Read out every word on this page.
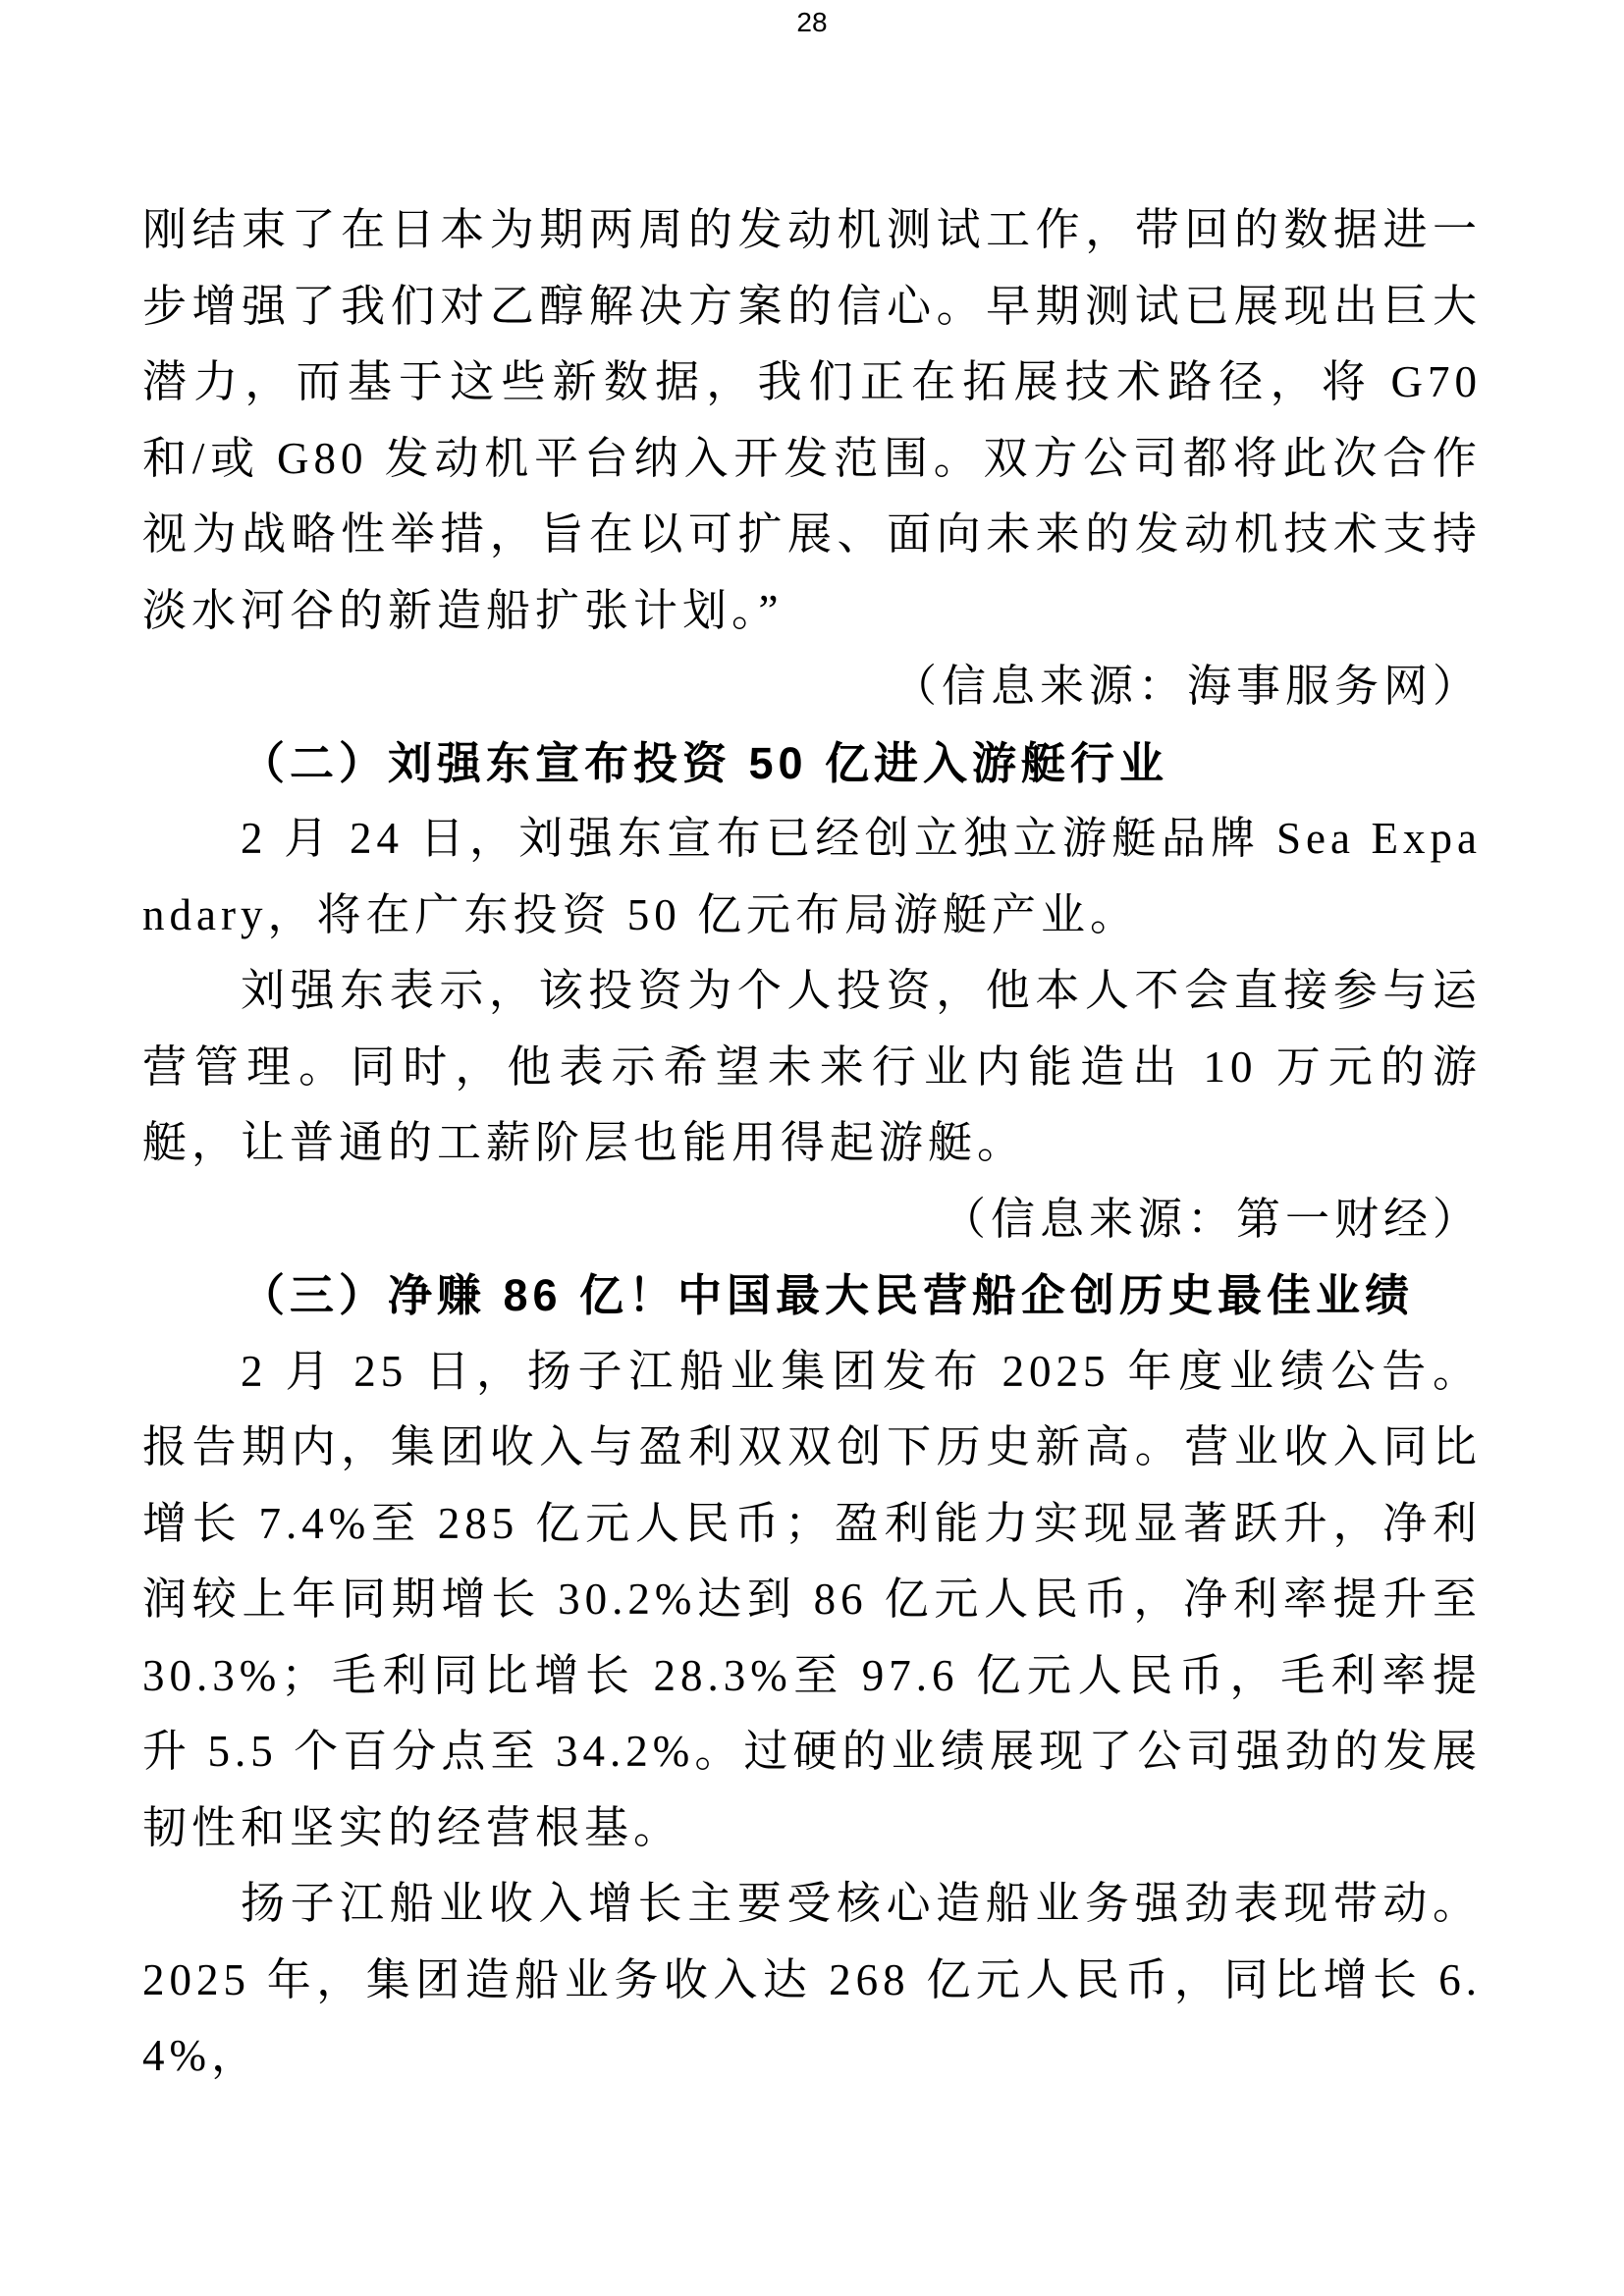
28

刚结束了在日本为期两周的发动机测试工作，带回的数据进一步增强了我们对乙醇解决方案的信心。早期测试已展现出巨大潜力，而基于这些新数据，我们正在拓展技术路径，将 G70 和/或 G80 发动机平台纳入开发范围。双方公司都将此次合作视为战略性举措，旨在以可扩展、面向未来的发动机技术支持淡水河谷的新造船扩张计划。”

（信息来源：海事服务网）

（二）刘强东宣布投资 50 亿进入游艇行业

2 月 24 日，刘强东宣布已经创立独立游艇品牌 Sea Expandary，将在广东投资 50 亿元布局游艇产业。

刘强东表示，该投资为个人投资，他本人不会直接参与运营管理。同时，他表示希望未来行业内能造出 10 万元的游艇，让普通的工薪阶层也能用得起游艇。

（信息来源：第一财经）

（三）净赚 86 亿！中国最大民营船企创历史最佳业绩

2 月 25 日，扬子江船业集团发布 2025 年度业绩公告。报告期内，集团收入与盈利双双创下历史新高。营业收入同比增长 7.4%至 285 亿元人民币；盈利能力实现显著跃升，净利润较上年同期增长 30.2%达到 86 亿元人民币，净利率提升至 30.3%；毛利同比增长 28.3%至 97.6 亿元人民币，毛利率提升 5.5 个百分点至 34.2%。过硬的业绩展现了公司强劲的发展韧性和坚实的经营根基。

扬子江船业收入增长主要受核心造船业务强劲表现带动。2025 年，集团造船业务收入达 268 亿元人民币，同比增长 6.4%，
